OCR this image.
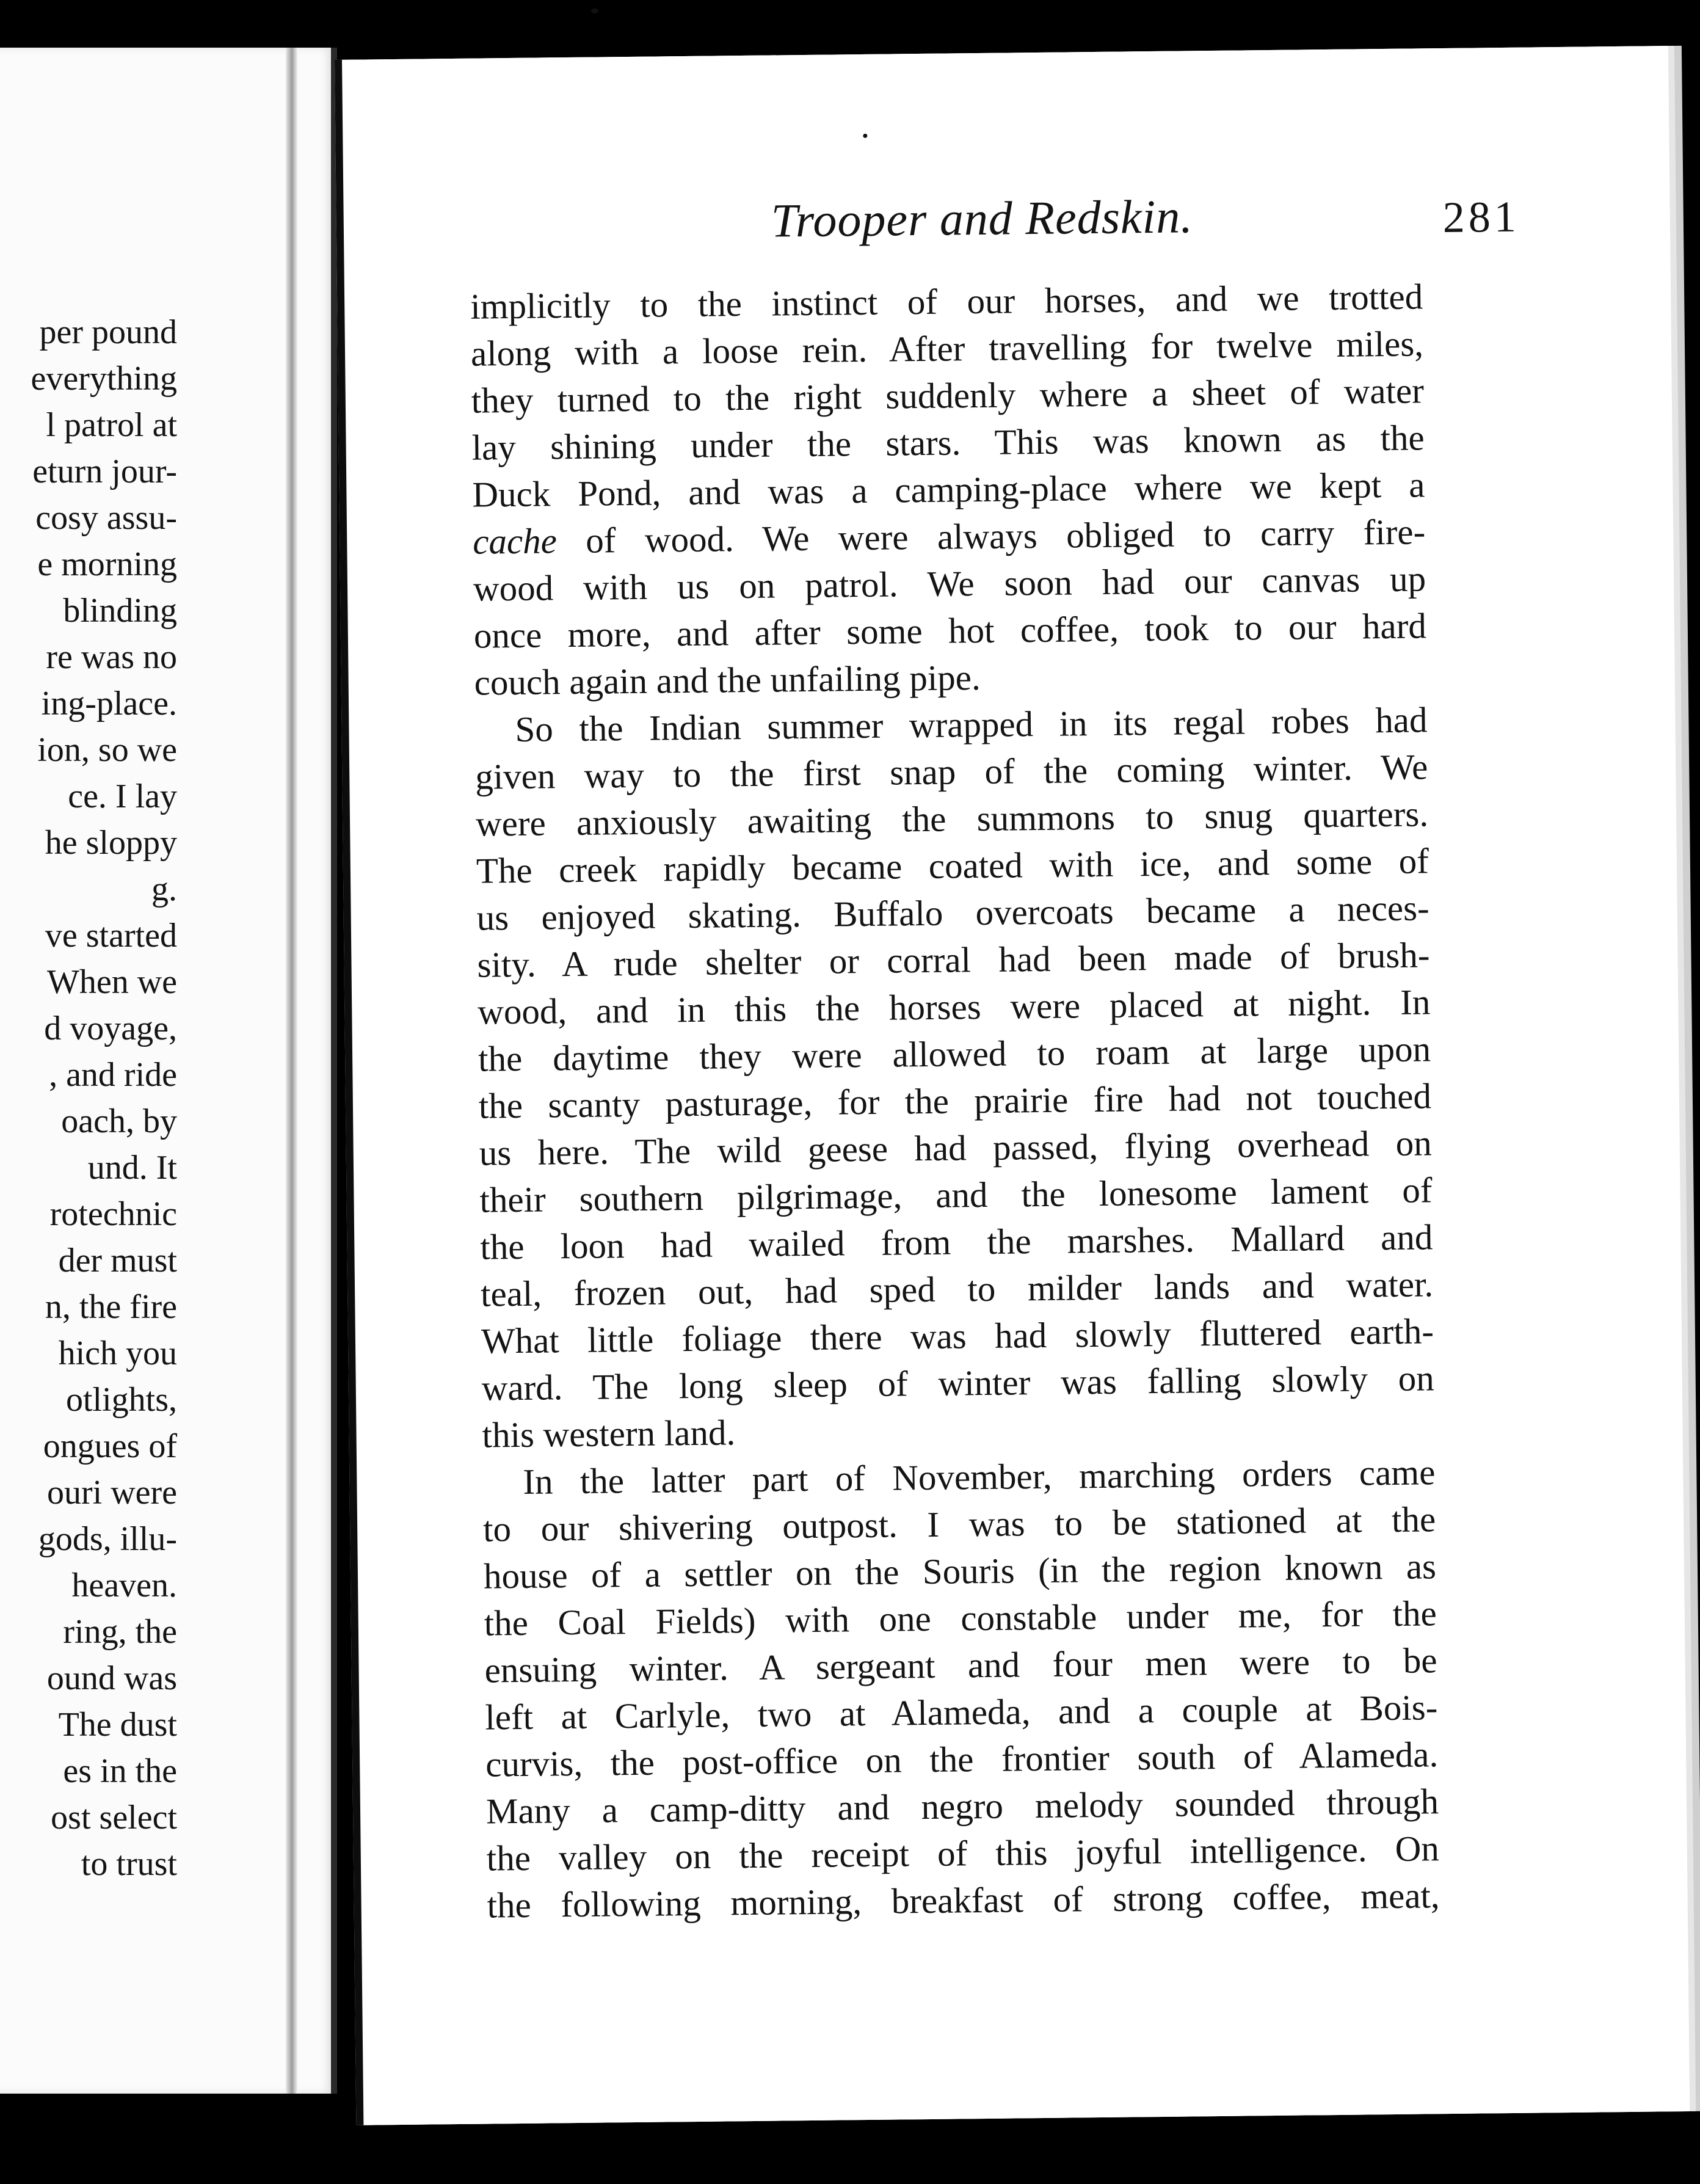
per pound
everything
l patrol at
eturn jour-
cosy assu-
e morning
blinding
re was no
ing-place.
ion, so we
ce. I lay
he sloppy
g.
ve started
When we
d voyage,
, and ride
oach, by
und. It
rotechnic
der must
n, the fire
hich you
otlights,
ongues of
ouri were
gods, illu-
heaven.
ring, the
ound was
The dust
es in the
ost select
to trust
Trooper and Redskin.	281
implicitly to the instinct of our horses, and we trotted
along with a loose rein. After travelling for twelve miles,
they turned to the right suddenly where a sheet of water
lay shining under the stars. This was known as the
Duck Pond, and was a camping-place where we kept a
cache of wood. We were always obliged to carry fire-
wood with us on patrol. We soon had our canvas up
once more, and after some hot coffee, took to our hard
couch again and the unfailing pipe.
So the Indian summer wrapped in its regal robes had
given way to the first snap of the coming winter. We
were anxiously awaiting the summons to snug quarters.
The creek rapidly became coated with ice, and some of
us enjoyed skating. Buffalo overcoats became a neces-
sity. A rude shelter or corral had been made of brush-
wood, and in this the horses were placed at night. In
the daytime they were allowed to roam at large upon
the scanty pasturage, for the prairie fire had not touched
us here. The wild geese had passed, flying overhead on
their southern pilgrimage, and the lonesome lament of
the loon had wailed from the marshes. Mallard and
teal, frozen out, had sped to milder lands and water.
What little foliage there was had slowly fluttered earth-
ward. The long sleep of winter was falling slowly on
this western land.
In the latter part of November, marching orders came
to our shivering outpost. I was to be stationed at the
house of a settler on the Souris (in the region known as
the Coal Fields) with one constable under me, for the
ensuing winter. A sergeant and four men were to be
left at Carlyle, two at Alameda, and a couple at Bois-
curvis, the post-office on the frontier south of Alameda.
Many a camp-ditty and negro melody sounded through
the valley on the receipt of this joyful intelligence. On
the following morning, breakfast of strong coffee, meat,
